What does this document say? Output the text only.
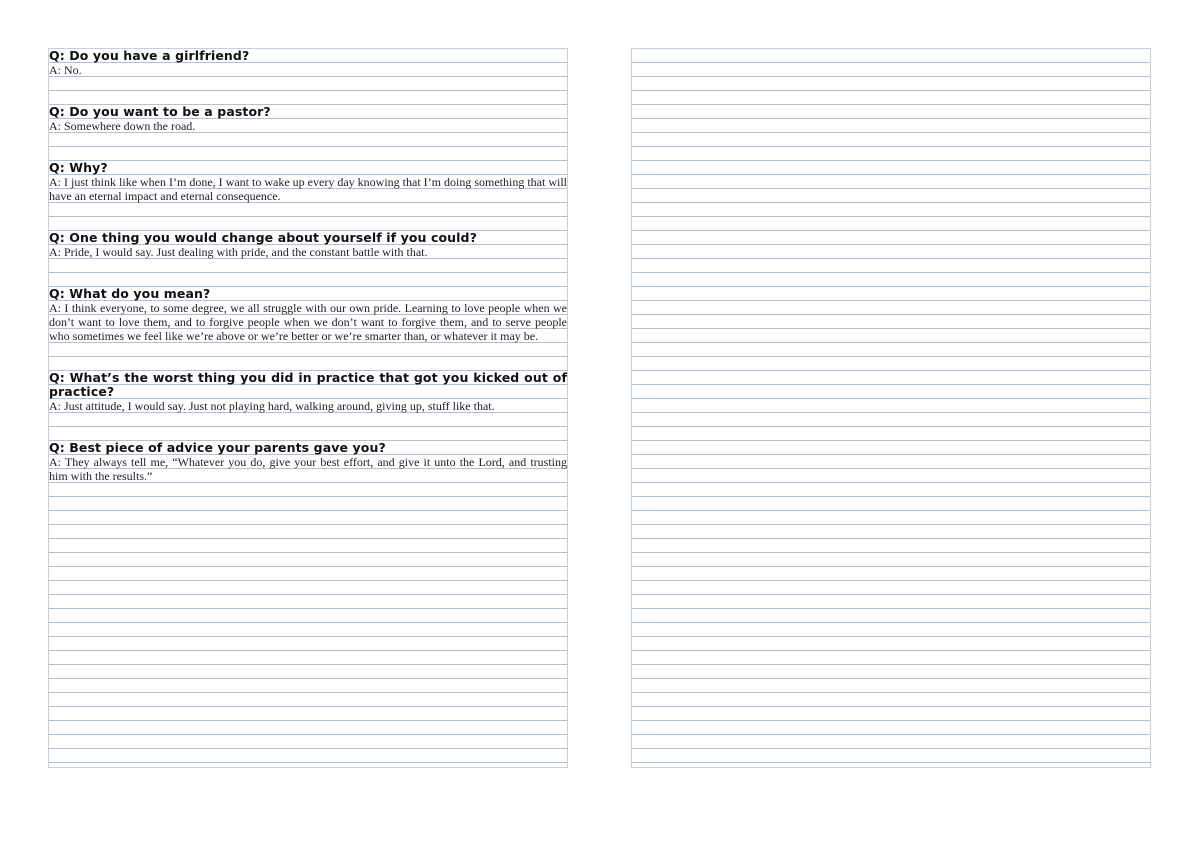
Q: Do you have a girlfriend?

A: No.

Q: Do you want to be a pastor?

A: Somewhere down the road.

Q: Why?

A: I just think like when I’m done, I want to wake up every day knowing that I’m doing something that will have an eternal impact and eternal consequence.

Q: One thing you would change about yourself if you could?

A: Pride, I would say. Just dealing with pride, and the constant battle with that.

Q: What do you mean?

A: I think everyone, to some degree, we all struggle with our own pride. Learning to love people when we don’t want to love them, and to forgive people when we don’t want to forgive them, and to serve people who sometimes we feel like we’re above or we’re better or we’re smarter than, or whatever it may be.

Q: What’s the worst thing you did in practice that got you kicked out of practice?

A: Just attitude, I would say. Just not playing hard, walking around, giving up, stuff like that.

Q: Best piece of advice your parents gave you?

A: They always tell me, “Whatever you do, give your best effort, and give it unto the Lord, and trusting him with the results.”
